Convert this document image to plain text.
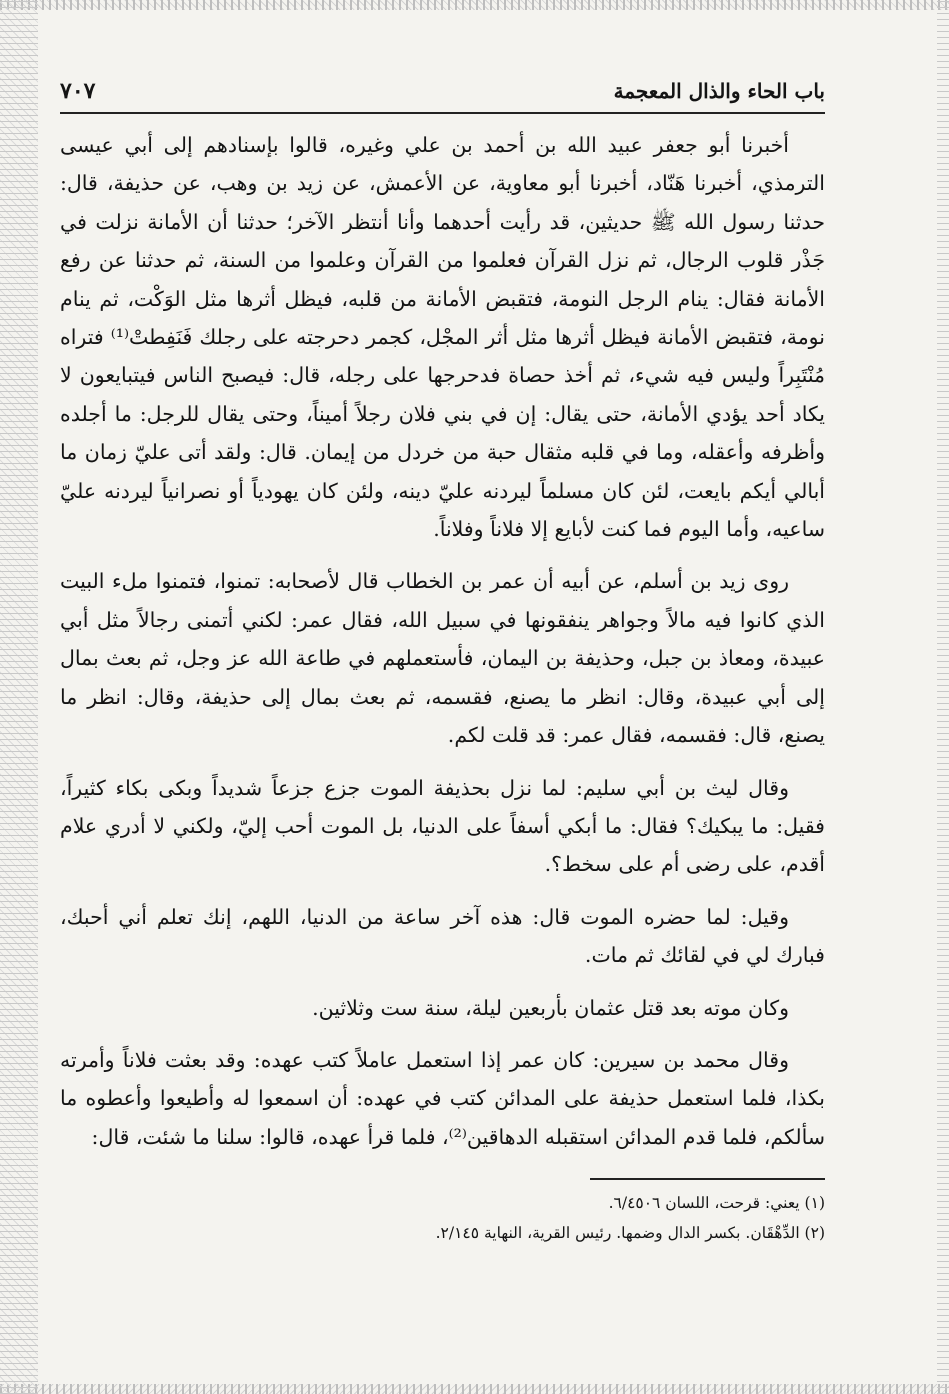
باب الحاء والذال المعجمة
٧٠٧

أخبرنا أبو جعفر عبيد الله بن أحمد بن علي وغيره، قالوا بإسنادهم إلى أبي عيسى الترمذي، أخبرنا هَنّاد، أخبرنا أبو معاوية، عن الأعمش، عن زيد بن وهب، عن حذيفة، قال: حدثنا رسول الله ﷺ حديثين، قد رأيت أحدهما وأنا أنتظر الآخر؛ حدثنا أن الأمانة نزلت في جَذْر قلوب الرجال، ثم نزل القرآن فعلموا من القرآن وعلموا من السنة، ثم حدثنا عن رفع الأمانة فقال: ينام الرجل النومة، فتقبض الأمانة من قلبه، فيظل أثرها مثل الوَكْت، ثم ينام نومة، فتقبض الأمانة فيظل أثرها مثل أثر المجْل، كجمر دحرجته على رجلك فَنَفِطتْ⁽¹⁾ فتراه مُنْتَبِراً وليس فيه شيء، ثم أخذ حصاة فدحرجها على رجله، قال: فيصبح الناس فيتبايعون لا يكاد أحد يؤدي الأمانة، حتى يقال: إن في بني فلان رجلاً أميناً، وحتى يقال للرجل: ما أجلده وأظرفه وأعقله، وما في قلبه مثقال حبة من خردل من إيمان. قال: ولقد أتى عليّ زمان ما أبالي أيكم بايعت، لئن كان مسلماً ليردنه عليّ دينه، ولئن كان يهودياً أو نصرانياً ليردنه عليّ ساعيه، وأما اليوم فما كنت لأبايع إلا فلاناً وفلاناً.

روى زيد بن أسلم، عن أبيه أن عمر بن الخطاب قال لأصحابه: تمنوا، فتمنوا ملء البيت الذي كانوا فيه مالاً وجواهر ينفقونها في سبيل الله، فقال عمر: لكني أتمنى رجالاً مثل أبي عبيدة، ومعاذ بن جبل، وحذيفة بن اليمان، فأستعملهم في طاعة الله عز وجل، ثم بعث بمال إلى أبي عبيدة، وقال: انظر ما يصنع، فقسمه، ثم بعث بمال إلى حذيفة، وقال: انظر ما يصنع، قال: فقسمه، فقال عمر: قد قلت لكم.

وقال ليث بن أبي سليم: لما نزل بحذيفة الموت جزع جزعاً شديداً وبكى بكاء كثيراً، فقيل: ما يبكيك؟ فقال: ما أبكي أسفاً على الدنيا، بل الموت أحب إليّ، ولكني لا أدري علام أقدم، على رضى أم على سخط؟.

وقيل: لما حضره الموت قال: هذه آخر ساعة من الدنيا، اللهم، إنك تعلم أني أحبك، فبارك لي في لقائك ثم مات.

وكان موته بعد قتل عثمان بأربعين ليلة، سنة ست وثلاثين.

وقال محمد بن سيرين: كان عمر إذا استعمل عاملاً كتب عهده: وقد بعثت فلاناً وأمرته بكذا، فلما استعمل حذيفة على المدائن كتب في عهده: أن اسمعوا له وأطيعوا وأعطوه ما سألكم، فلما قدم المدائن استقبله الدهاقين⁽²⁾، فلما قرأ عهده، قالوا: سلنا ما شئت، قال:

(١) يعني: قرحت، اللسان ٦/٤٥٠٦.

(٢) الدِّهْقَان. بكسر الدال وضمها. رئيس القرية، النهاية ٢/١٤٥.
